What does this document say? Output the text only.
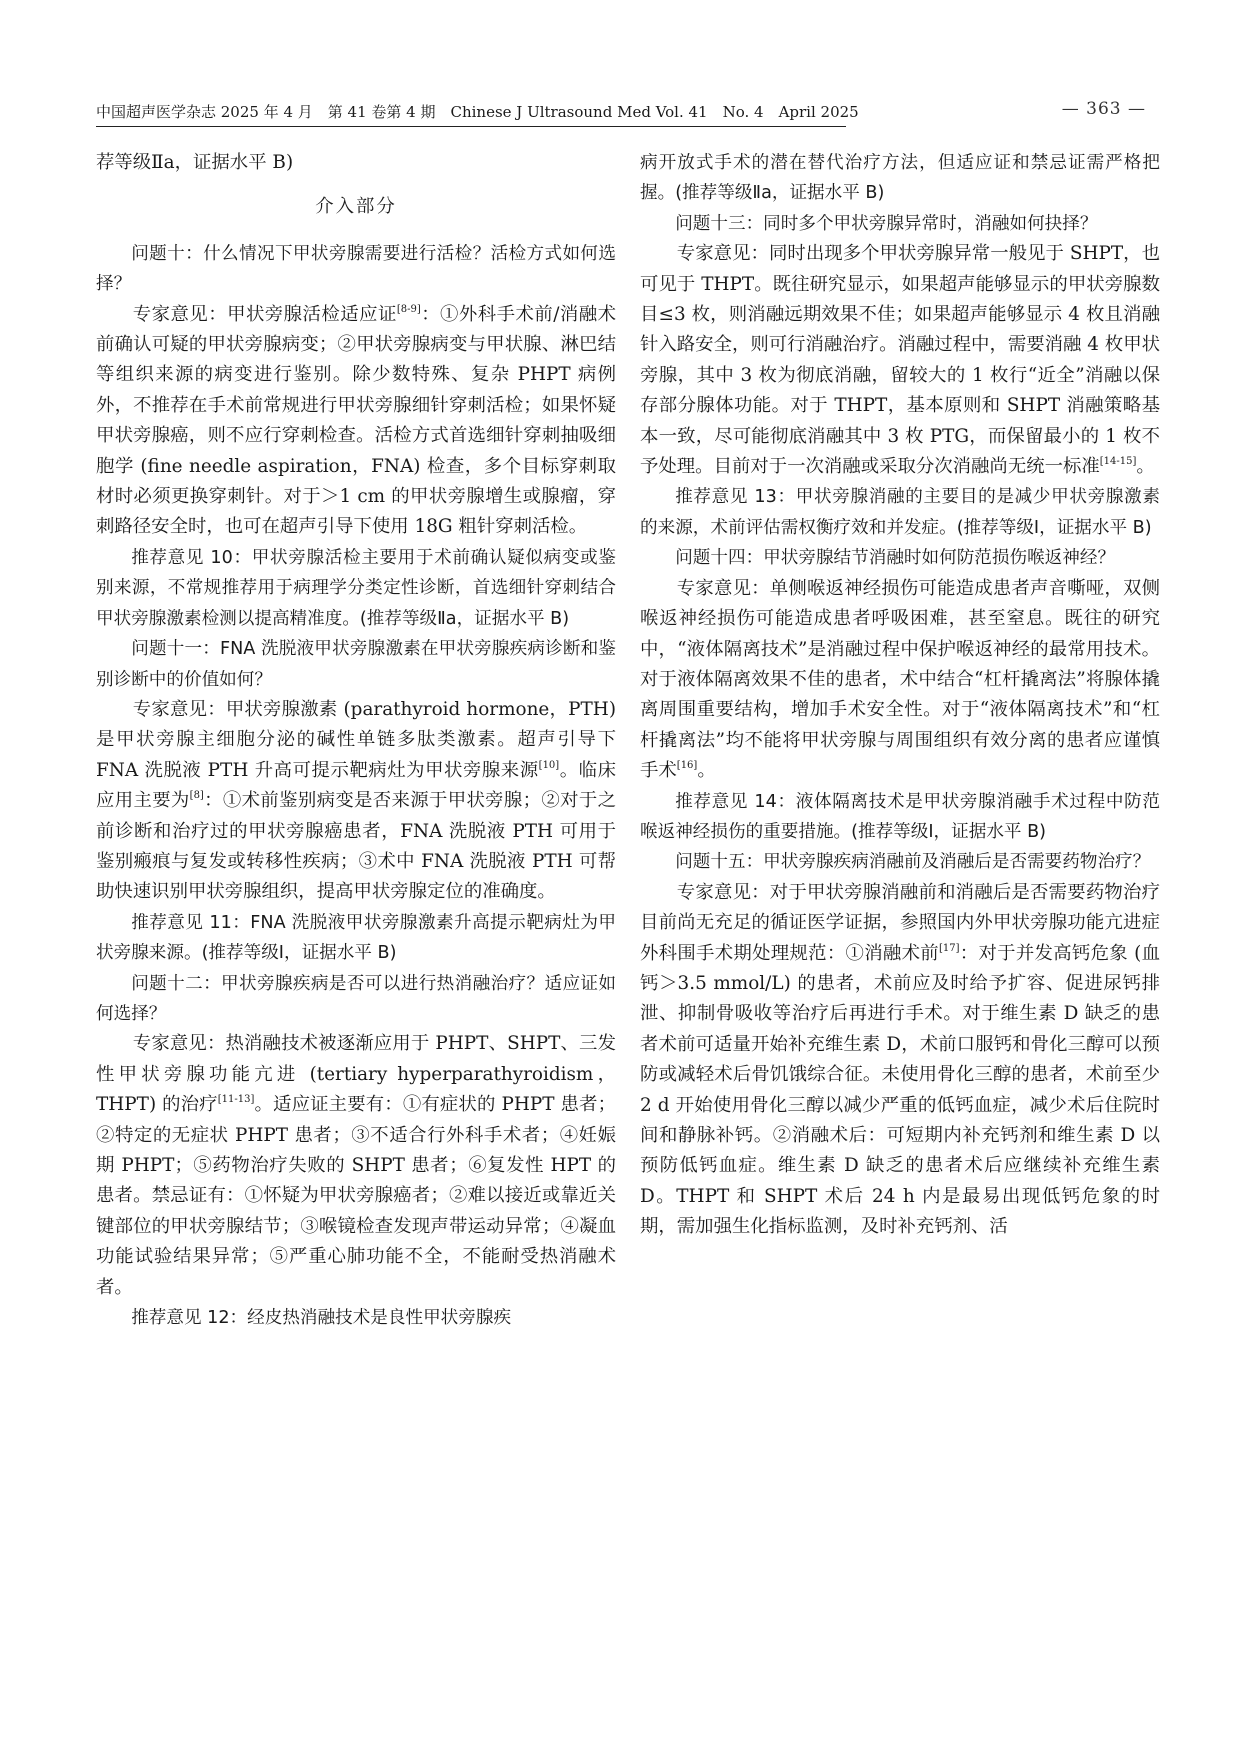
中国超声医学杂志 2025 年 4 月　第 41 卷第 4 期　Chinese J Ultrasound Med Vol. 41　No. 4　April 2025	— 363 —

荐等级Ⅱa，证据水平 B)

介入部分

问题十：什么情况下甲状旁腺需要进行活检？活检方式如何选择？

专家意见：甲状旁腺活检适应证[8-9]：①外科手术前/消融术前确认可疑的甲状旁腺病变；②甲状旁腺病变与甲状腺、淋巴结等组织来源的病变进行鉴别。除少数特殊、复杂 PHPT 病例外，不推荐在手术前常规进行甲状旁腺细针穿刺活检；如果怀疑甲状旁腺癌，则不应行穿刺检查。活检方式首选细针穿刺抽吸细胞学 (fine needle aspiration，FNA) 检查，多个目标穿刺取材时必须更换穿刺针。对于＞1 cm 的甲状旁腺增生或腺瘤，穿刺路径安全时，也可在超声引导下使用 18G 粗针穿刺活检。

推荐意见 10：甲状旁腺活检主要用于术前确认疑似病变或鉴别来源，不常规推荐用于病理学分类定性诊断，首选细针穿刺结合甲状旁腺激素检测以提高精准度。(推荐等级Ⅱa，证据水平 B)

问题十一：FNA 洗脱液甲状旁腺激素在甲状旁腺疾病诊断和鉴别诊断中的价值如何？

专家意见：甲状旁腺激素 (parathyroid hormone，PTH) 是甲状旁腺主细胞分泌的碱性单链多肽类激素。超声引导下 FNA 洗脱液 PTH 升高可提示靶病灶为甲状旁腺来源[10]。临床应用主要为[8]：①术前鉴别病变是否来源于甲状旁腺；②对于之前诊断和治疗过的甲状旁腺癌患者，FNA 洗脱液 PTH 可用于鉴别瘢痕与复发或转移性疾病；③术中 FNA 洗脱液 PTH 可帮助快速识别甲状旁腺组织，提高甲状旁腺定位的准确度。

推荐意见 11：FNA 洗脱液甲状旁腺激素升高提示靶病灶为甲状旁腺来源。(推荐等级Ⅰ，证据水平 B)

问题十二：甲状旁腺疾病是否可以进行热消融治疗？适应证如何选择？

专家意见：热消融技术被逐渐应用于 PHPT、SHPT、三发性甲状旁腺功能亢进 (tertiary hyperparathyroidism，THPT) 的治疗[11-13]。适应证主要有：①有症状的 PHPT 患者；②特定的无症状 PHPT 患者；③不适合行外科手术者；④妊娠期 PHPT；⑤药物治疗失败的 SHPT 患者；⑥复发性 HPT 的患者。禁忌证有：①怀疑为甲状旁腺癌者；②难以接近或靠近关键部位的甲状旁腺结节；③喉镜检查发现声带运动异常；④凝血功能试验结果异常；⑤严重心肺功能不全，不能耐受热消融术者。

推荐意见 12：经皮热消融技术是良性甲状旁腺疾

病开放式手术的潜在替代治疗方法，但适应证和禁忌证需严格把握。(推荐等级Ⅱa，证据水平 B)

问题十三：同时多个甲状旁腺异常时，消融如何抉择？

专家意见：同时出现多个甲状旁腺异常一般见于 SHPT，也可见于 THPT。既往研究显示，如果超声能够显示的甲状旁腺数目≤3 枚，则消融远期效果不佳；如果超声能够显示 4 枚且消融针入路安全，则可行消融治疗。消融过程中，需要消融 4 枚甲状旁腺，其中 3 枚为彻底消融，留较大的 1 枚行“近全”消融以保存部分腺体功能。对于 THPT，基本原则和 SHPT 消融策略基本一致，尽可能彻底消融其中 3 枚 PTG，而保留最小的 1 枚不予处理。目前对于一次消融或采取分次消融尚无统一标准[14-15]。

推荐意见 13：甲状旁腺消融的主要目的是减少甲状旁腺激素的来源，术前评估需权衡疗效和并发症。(推荐等级Ⅰ，证据水平 B)

问题十四：甲状旁腺结节消融时如何防范损伤喉返神经？

专家意见：单侧喉返神经损伤可能造成患者声音嘶哑，双侧喉返神经损伤可能造成患者呼吸困难，甚至窒息。既往的研究中，“液体隔离技术”是消融过程中保护喉返神经的最常用技术。对于液体隔离效果不佳的患者，术中结合“杠杆撬离法”将腺体撬离周围重要结构，增加手术安全性。对于“液体隔离技术”和“杠杆撬离法”均不能将甲状旁腺与周围组织有效分离的患者应谨慎手术[16]。

推荐意见 14：液体隔离技术是甲状旁腺消融手术过程中防范喉返神经损伤的重要措施。(推荐等级Ⅰ，证据水平 B)

问题十五：甲状旁腺疾病消融前及消融后是否需要药物治疗？

专家意见：对于甲状旁腺消融前和消融后是否需要药物治疗目前尚无充足的循证医学证据，参照国内外甲状旁腺功能亢进症外科围手术期处理规范：①消融术前[17]：对于并发高钙危象 (血钙＞3.5 mmol/L) 的患者，术前应及时给予扩容、促进尿钙排泄、抑制骨吸收等治疗后再进行手术。对于维生素 D 缺乏的患者术前可适量开始补充维生素 D，术前口服钙和骨化三醇可以预防或减轻术后骨饥饿综合征。未使用骨化三醇的患者，术前至少 2 d 开始使用骨化三醇以减少严重的低钙血症，减少术后住院时间和静脉补钙。②消融术后：可短期内补充钙剂和维生素 D 以预防低钙血症。维生素 D 缺乏的患者术后应继续补充维生素 D。THPT 和 SHPT 术后 24 h 内是最易出现低钙危象的时期，需加强生化指标监测，及时补充钙剂、活
